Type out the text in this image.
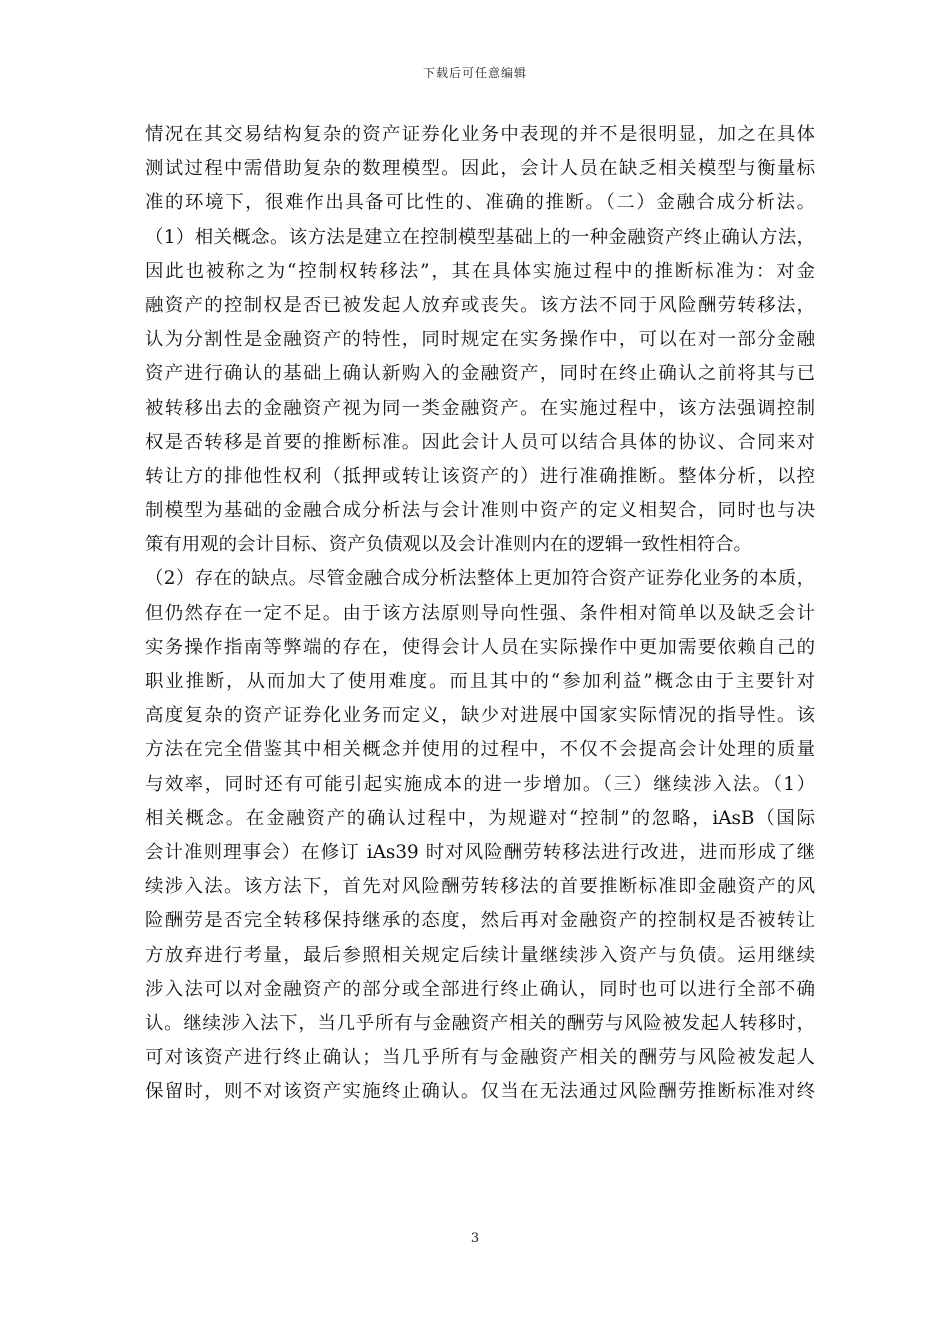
下载后可任意编辑
情况在其交易结构复杂的资产证券化业务中表现的并不是很明显，加之在具体
测试过程中需借助复杂的数理模型。因此，会计人员在缺乏相关模型与衡量标
准的环境下，很难作出具备可比性的、准确的推断。（二）金融合成分析法。
（1）相关概念。该方法是建立在控制模型基础上的一种金融资产终止确认方法，
因此也被称之为“控制权转移法”，其在具体实施过程中的推断标准为：对金
融资产的控制权是否已被发起人放弃或丧失。该方法不同于风险酬劳转移法，
认为分割性是金融资产的特性，同时规定在实务操作中，可以在对一部分金融
资产进行确认的基础上确认新购入的金融资产，同时在终止确认之前将其与已
被转移出去的金融资产视为同一类金融资产。在实施过程中，该方法强调控制
权是否转移是首要的推断标准。因此会计人员可以结合具体的协议、合同来对
转让方的排他性权利（抵押或转让该资产的）进行准确推断。整体分析，以控
制模型为基础的金融合成分析法与会计准则中资产的定义相契合，同时也与决
策有用观的会计目标、资产负债观以及会计准则内在的逻辑一致性相符合。
（2）存在的缺点。尽管金融合成分析法整体上更加符合资产证券化业务的本质，
但仍然存在一定不足。由于该方法原则导向性强、条件相对简单以及缺乏会计
实务操作指南等弊端的存在，使得会计人员在实际操作中更加需要依赖自己的
职业推断，从而加大了使用难度。而且其中的“参加利益”概念由于主要针对
高度复杂的资产证券化业务而定义，缺少对进展中国家实际情况的指导性。该
方法在完全借鉴其中相关概念并使用的过程中，不仅不会提高会计处理的质量
与效率，同时还有可能引起实施成本的进一步增加。（三）继续涉入法。（1）
相关概念。在金融资产的确认过程中，为规避对“控制”的忽略，iAsB（国际
会计准则理事会）在修订 iAs39 时对风险酬劳转移法进行改进，进而形成了继
续涉入法。该方法下，首先对风险酬劳转移法的首要推断标准即金融资产的风
险酬劳是否完全转移保持继承的态度，然后再对金融资产的控制权是否被转让
方放弃进行考量，最后参照相关规定后续计量继续涉入资产与负债。运用继续
涉入法可以对金融资产的部分或全部进行终止确认，同时也可以进行全部不确
认。继续涉入法下，当几乎所有与金融资产相关的酬劳与风险被发起人转移时，
可对该资产进行终止确认；当几乎所有与金融资产相关的酬劳与风险被发起人
保留时，则不对该资产实施终止确认。仅当在无法通过风险酬劳推断标准对终
3
